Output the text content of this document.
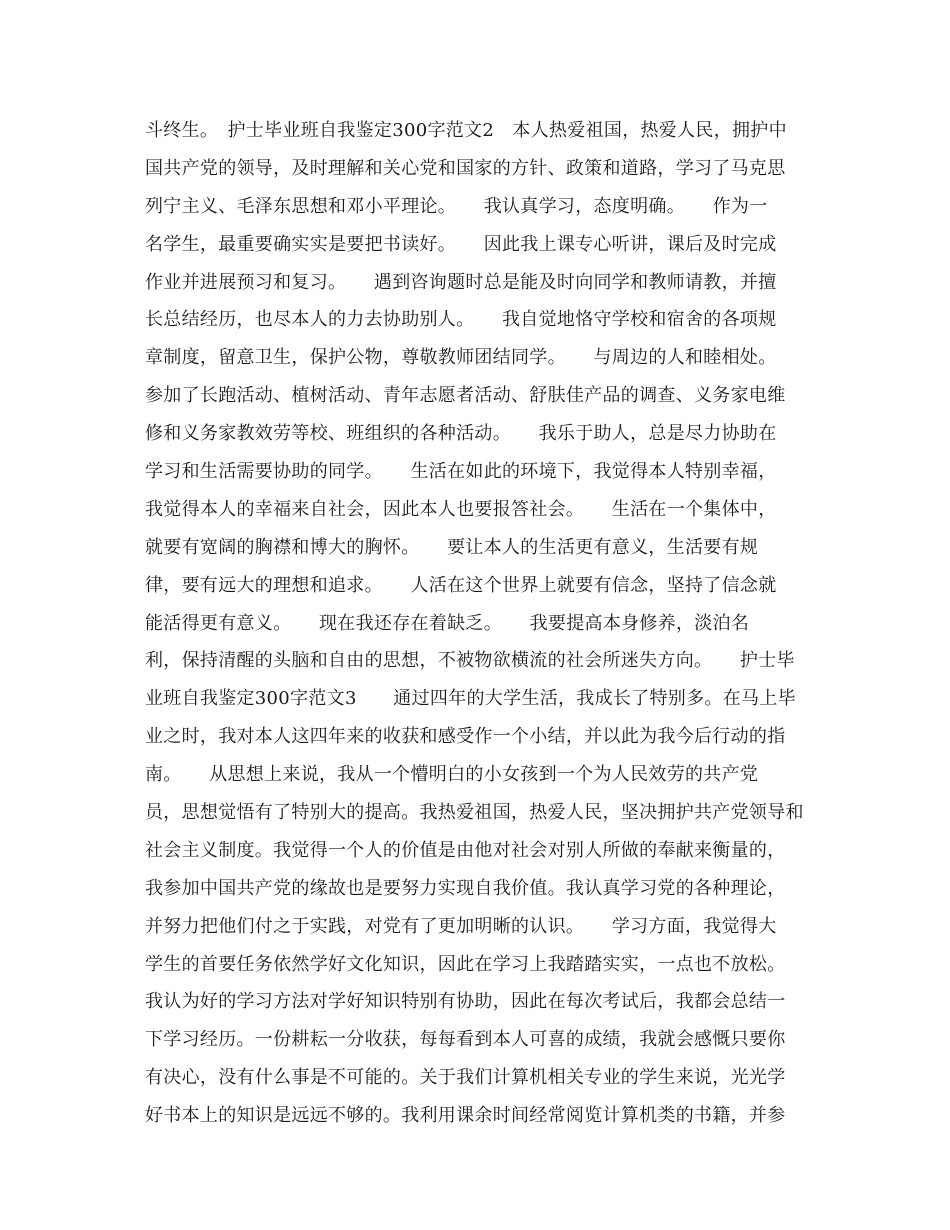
斗终生。　护士毕业班自我鉴定300字范文2　本人热爱祖国，热爱人民，拥护中
国共产党的领导，及时理解和关心党和国家的方针、政策和道路，学习了马克思
列宁主义、毛泽东思想和邓小平理论。　　我认真学习，态度明确。　　作为一
名学生，最重要确实实是要把书读好。　　因此我上课专心听讲，课后及时完成
作业并进展预习和复习。　　遇到咨询题时总是能及时向同学和教师请教，并擅
长总结经历，也尽本人的力去协助别人。　　我自觉地恪守学校和宿舍的各项规
章制度，留意卫生，保护公物，尊敬教师团结同学。　　与周边的人和睦相处。
参加了长跑活动、植树活动、青年志愿者活动、舒肤佳产品的调查、义务家电维
修和义务家教效劳等校、班组织的各种活动。　　我乐于助人，总是尽力协助在
学习和生活需要协助的同学。　　生活在如此的环境下，我觉得本人特别幸福，
我觉得本人的幸福来自社会，因此本人也要报答社会。　　生活在一个集体中，
就要有宽阔的胸襟和博大的胸怀。　　要让本人的生活更有意义，生活要有规
律，要有远大的理想和追求。　　人活在这个世界上就要有信念，坚持了信念就
能活得更有意义。　　现在我还存在着缺乏。　　我要提高本身修养，淡泊名
利，保持清醒的头脑和自由的思想，不被物欲横流的社会所迷失方向。　　护士毕
业班自我鉴定300字范文3　　通过四年的大学生活，我成长了特别多。在马上毕
业之时，我对本人这四年来的收获和感受作一个小结，并以此为我今后行动的指
南。　　从思想上来说，我从一个懵明白的小女孩到一个为人民效劳的共产党
员，思想觉悟有了特别大的提高。我热爱祖国，热爱人民，坚决拥护共产党领导和
社会主义制度。我觉得一个人的价值是由他对社会对别人所做的奉献来衡量的，
我参加中国共产党的缘故也是要努力实现自我价值。我认真学习党的各种理论，
并努力把他们付之于实践，对党有了更加明晰的认识。　　学习方面，我觉得大
学生的首要任务依然学好文化知识，因此在学习上我踏踏实实，一点也不放松。
我认为好的学习方法对学好知识特别有协助，因此在每次考试后，我都会总结一
下学习经历。一份耕耘一分收获，每每看到本人可喜的成绩，我就会感慨只要你
有决心，没有什么事是不可能的。关于我们计算机相关专业的学生来说，光光学
好书本上的知识是远远不够的。我利用课余时间经常阅览计算机类的书籍，并参
